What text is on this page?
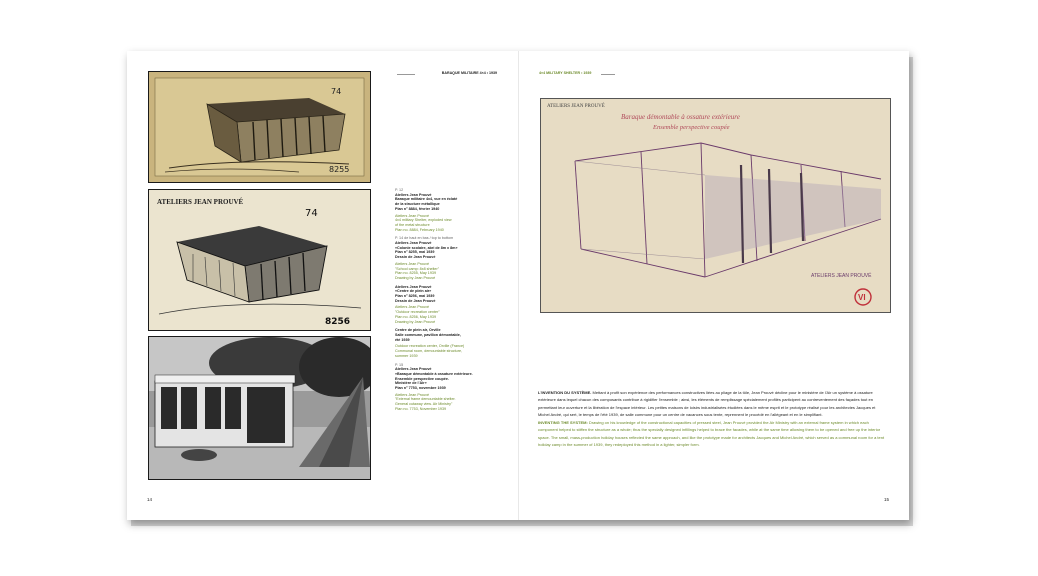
BARAQUE MILITAIRE 4×4 • 1939	4×4 MILITARY SHELTER • 1939
74
8255
ATELIERS JEAN PROUVÉ
74
8256
P. 12
Ateliers Jean Prouvé
Baraque militaire 4x4, vue en éclaté
de la structure métallique
Plan n° 8884, février 1940
Ateliers Jean Prouvé
4x4 military Shelter, exploded view
of the metal structure
Plan no. 8884, February 1940
P. 14 de haut en bas / top to bottom
Ateliers Jean Prouvé
«Colonie scolaire, abri de 8m x 8m»
Plan n° 8255, mai 1939
Dessin de Jean Prouvé
Ateliers Jean Prouvé
"School camp: 8x8 shelter"
Plan no. 8255, May 1939
Drawing by Jean Prouvé
Ateliers Jean Prouvé
«Centre de plein air»
Plan n° 8256, mai 1939
Dessin de Jean Prouvé
Ateliers Jean Prouvé
"Outdoor recreation center"
Plan no. 8256, May 1939
Drawing by Jean Prouvé
Centre de plein air, Orville
Salle commune, pavillon démontable,
été 1939
Outdoor recreation center, Orville (France)
Communal room, demountable structure,
summer 1939
P. 15
Ateliers Jean Prouvé
«Baraque démontable à ossature extérieure.
Ensemble perspective coupée.
Ministère de l'Air»
Plan n° 7753, novembre 1939
Ateliers Jean Prouvé
"External frame demountable shelter.
General cutaway view. Air Ministry"
Plan no. 7753, November 1939
ATELIERS JEAN PROUVÉ
Baraque démontable à ossature extérieure
Ensemble perspective coupée
ATELIERS JEAN PROUVÉ
VI
L'INVENTION DU SYSTÈME. Mettant à profit son expérience des performances constructives liées au pliage de la tôle, Jean Prouvé décline pour le ministère de l'Air un système à ossature extérieure dans lequel chacun des composants contribue à rigidifier l'ensemble ; ainsi, les éléments de remplissage spécialement profilés participent au contreventement des façades tout en permettant leur ouverture et la libération de l'espace intérieur. Les petites maisons de loisirs industrialisées étudiées dans le même esprit et le prototype réalisé pour les architectes Jacques et Michel André, qui sert, le temps de l'été 1939, de salle commune pour un centre de vacances sous tente, reprennent le procédé en l'allégeant et en le simplifiant.
INVENTING THE SYSTEM: Drawing on his knowledge of the constructional capacities of pressed steel, Jean Prouvé provided the Air Ministry with an external frame system in which each component helped to stiffen the structure as a whole; thus the specially designed infillings helped to brace the facades, while at the same time allowing them to be opened and free up the interior space. The small, mass-production holiday houses reflected the same approach, and like the prototype made for architects Jacques and Michel André, which served as a communal room for a tent holiday camp in the summer of 1939, they redeployed this method in a lighter, simpler form.
14	15
